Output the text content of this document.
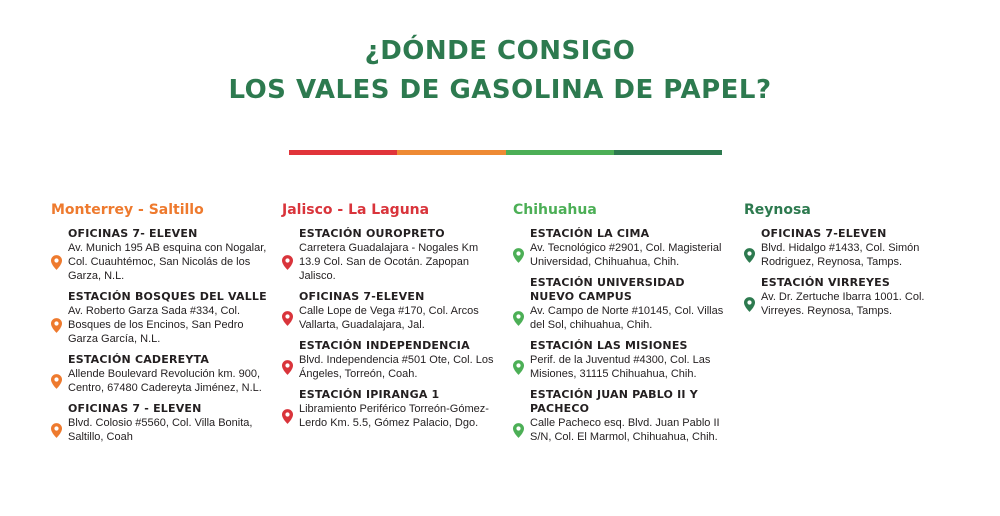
¿DÓNDE CONSIGO
LOS VALES DE GASOLINA DE PAPEL?
Monterrey - Saltillo
OFICINAS 7- ELEVEN
Av. Munich 195 AB esquina con Nogalar, Col. Cuauhtémoc, San Nicolás de los Garza, N.L.
ESTACIÓN BOSQUES DEL VALLE
Av. Roberto Garza Sada #334, Col. Bosques de los Encinos, San Pedro Garza García, N.L.
ESTACIÓN CADEREYTA
Allende Boulevard Revolución km. 900, Centro, 67480 Cadereyta Jiménez, N.L.
OFICINAS 7 - ELEVEN
Blvd. Colosio #5560, Col. Villa Bonita, Saltillo, Coah
Jalisco - La Laguna
ESTACIÓN OUROPRETO
Carretera Guadalajara - Nogales Km 13.9 Col. San de Ocotán. Zapopan Jalisco.
OFICINAS 7-ELEVEN
Calle Lope de Vega #170, Col. Arcos Vallarta, Guadalajara, Jal.
ESTACIÓN INDEPENDENCIA
Blvd. Independencia #501 Ote, Col. Los Ángeles, Torreón, Coah.
ESTACIÓN IPIRANGA 1
Libramiento Periférico Torreón-Gómez- Lerdo Km. 5.5, Gómez Palacio, Dgo.
Chihuahua
ESTACIÓN LA CIMA
Av. Tecnológico #2901, Col. Magisterial Universidad, Chihuahua, Chih.
ESTACIÓN UNIVERSIDAD NUEVO CAMPUS
Av. Campo de Norte #10145, Col. Villas del Sol, chihuahua, Chih.
ESTACIÓN LAS MISIONES
Perif. de la Juventud #4300, Col. Las Misiones, 31115 Chihuahua, Chih.
ESTACIÓN JUAN PABLO II Y PACHECO
Calle Pacheco esq. Blvd. Juan Pablo II S/N, Col. El Marmol, Chihuahua, Chih.
Reynosa
OFICINAS 7-ELEVEN
Blvd. Hidalgo #1433, Col. Simón Rodriguez, Reynosa, Tamps.
ESTACIÓN VIRREYES
Av. Dr. Zertuche Ibarra 1001. Col. Virreyes. Reynosa, Tamps.
